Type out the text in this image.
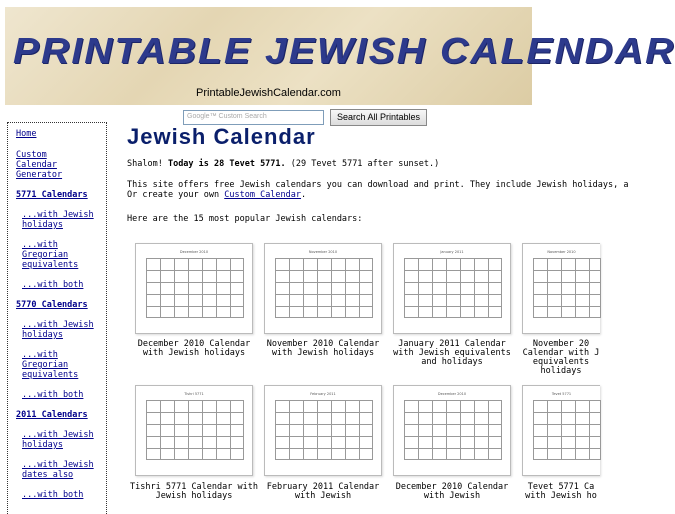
PRINTABLE JEWISH CALENDAR
PrintableJewishCalendar.com
Google™ Custom Search	Search All Printables
Home
Custom Calendar Generator
5771 Calendars
...with Jewish holidays
...with Gregorian equivalents
...with both
5770 Calendars
...with Jewish holidays
...with Gregorian equivalents
...with both
2011 Calendars
...with Jewish holidays
...with Jewish dates also
...with both
Jewish Calendar
Shalom! Today is 28 Tevet 5771. (29 Tevet 5771 after sunset.)
This site offers free Jewish calendars you can download and print. They include Jewish holidays, a
Or create your own Custom Calendar.
Here are the 15 most popular Jewish calendars:
December 2010
December 2010 Calendar with Jewish holidays
November 2010
November 2010 Calendar with Jewish holidays
January 2011
January 2011 Calendar with Jewish equivalents and holidays
November 2010
November 20 Calendar with J equivalents holidays
Tishri 5771
Tishri 5771 Calendar with Jewish holidays
February 2011
February 2011 Calendar with Jewish
December 2010
December 2010 Calendar with Jewish
Tevet 5771
Tevet 5771 Ca with Jewish ho
